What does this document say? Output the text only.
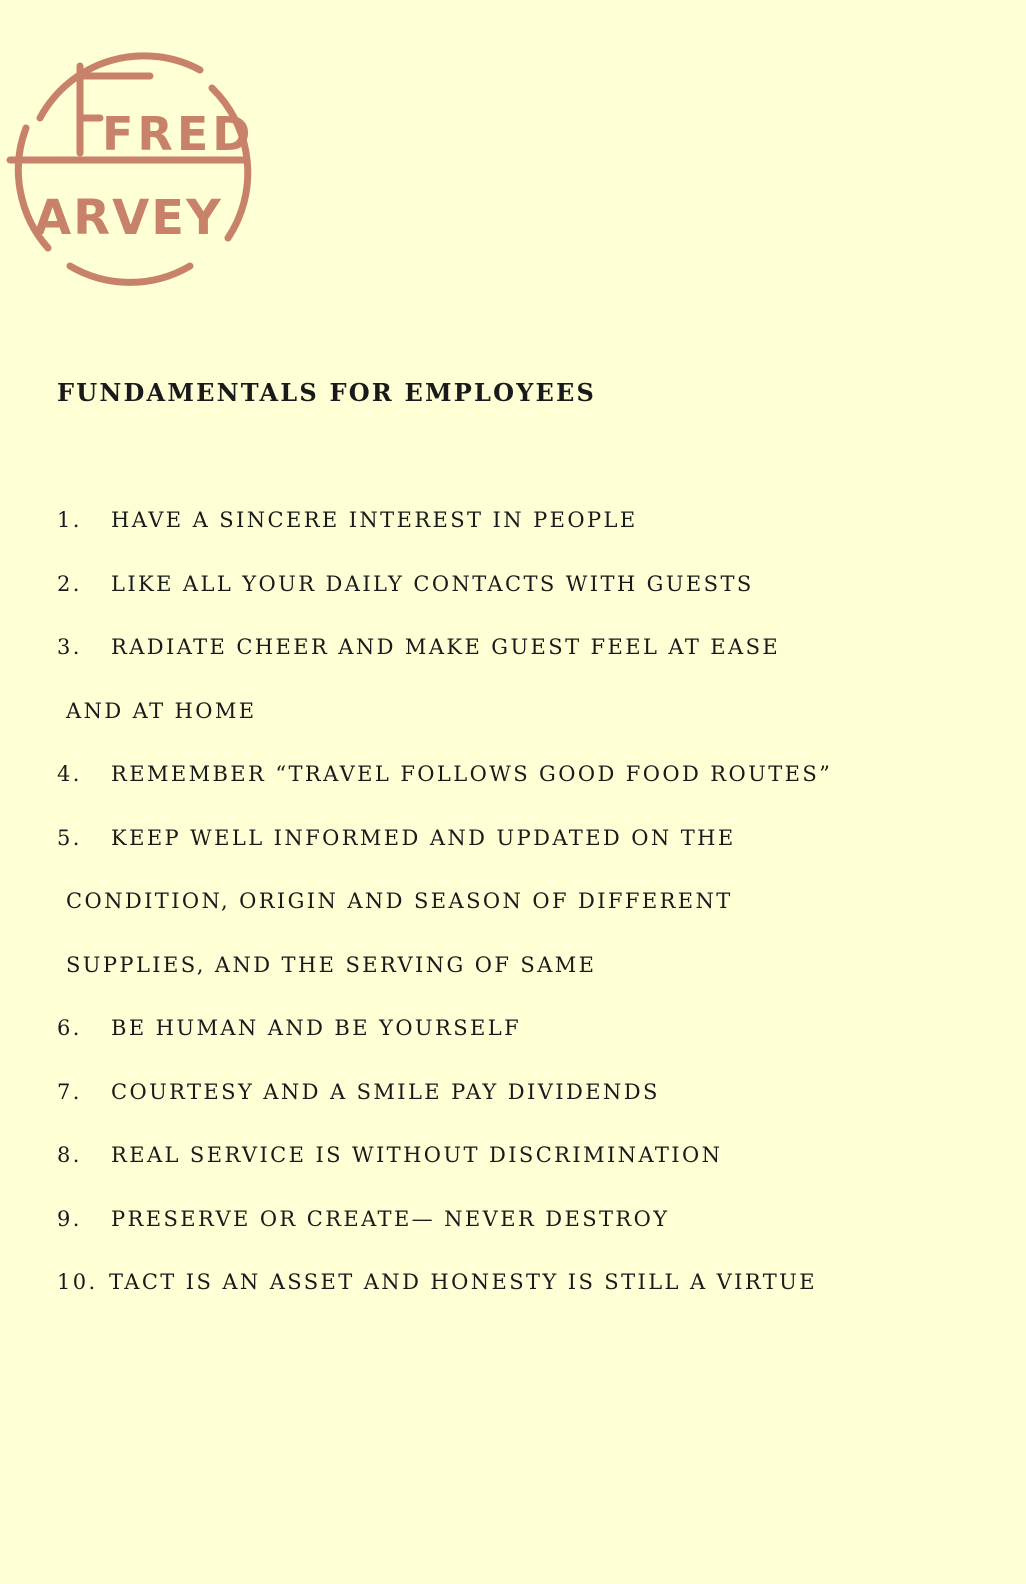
FRED
ARVEY
FUNDAMENTALS FOR EMPLOYEES
1.	HAVE A SINCERE INTEREST IN PEOPLE
2.	LIKE ALL YOUR DAILY CONTACTS WITH GUESTS
3.	RADIATE CHEER AND MAKE GUEST FEEL AT EASE
AND AT HOME
4.	REMEMBER “TRAVEL FOLLOWS GOOD FOOD ROUTES”
5.	KEEP WELL INFORMED AND UPDATED ON THE
CONDITION, ORIGIN AND SEASON OF DIFFERENT
SUPPLIES, AND THE SERVING OF SAME
6.	BE HUMAN AND BE YOURSELF
7.	COURTESY AND A SMILE PAY DIVIDENDS
8.	REAL SERVICE IS WITHOUT DISCRIMINATION
9.	PRESERVE OR CREATE— NEVER DESTROY
10. TACT IS AN ASSET AND HONESTY IS STILL A VIRTUE
